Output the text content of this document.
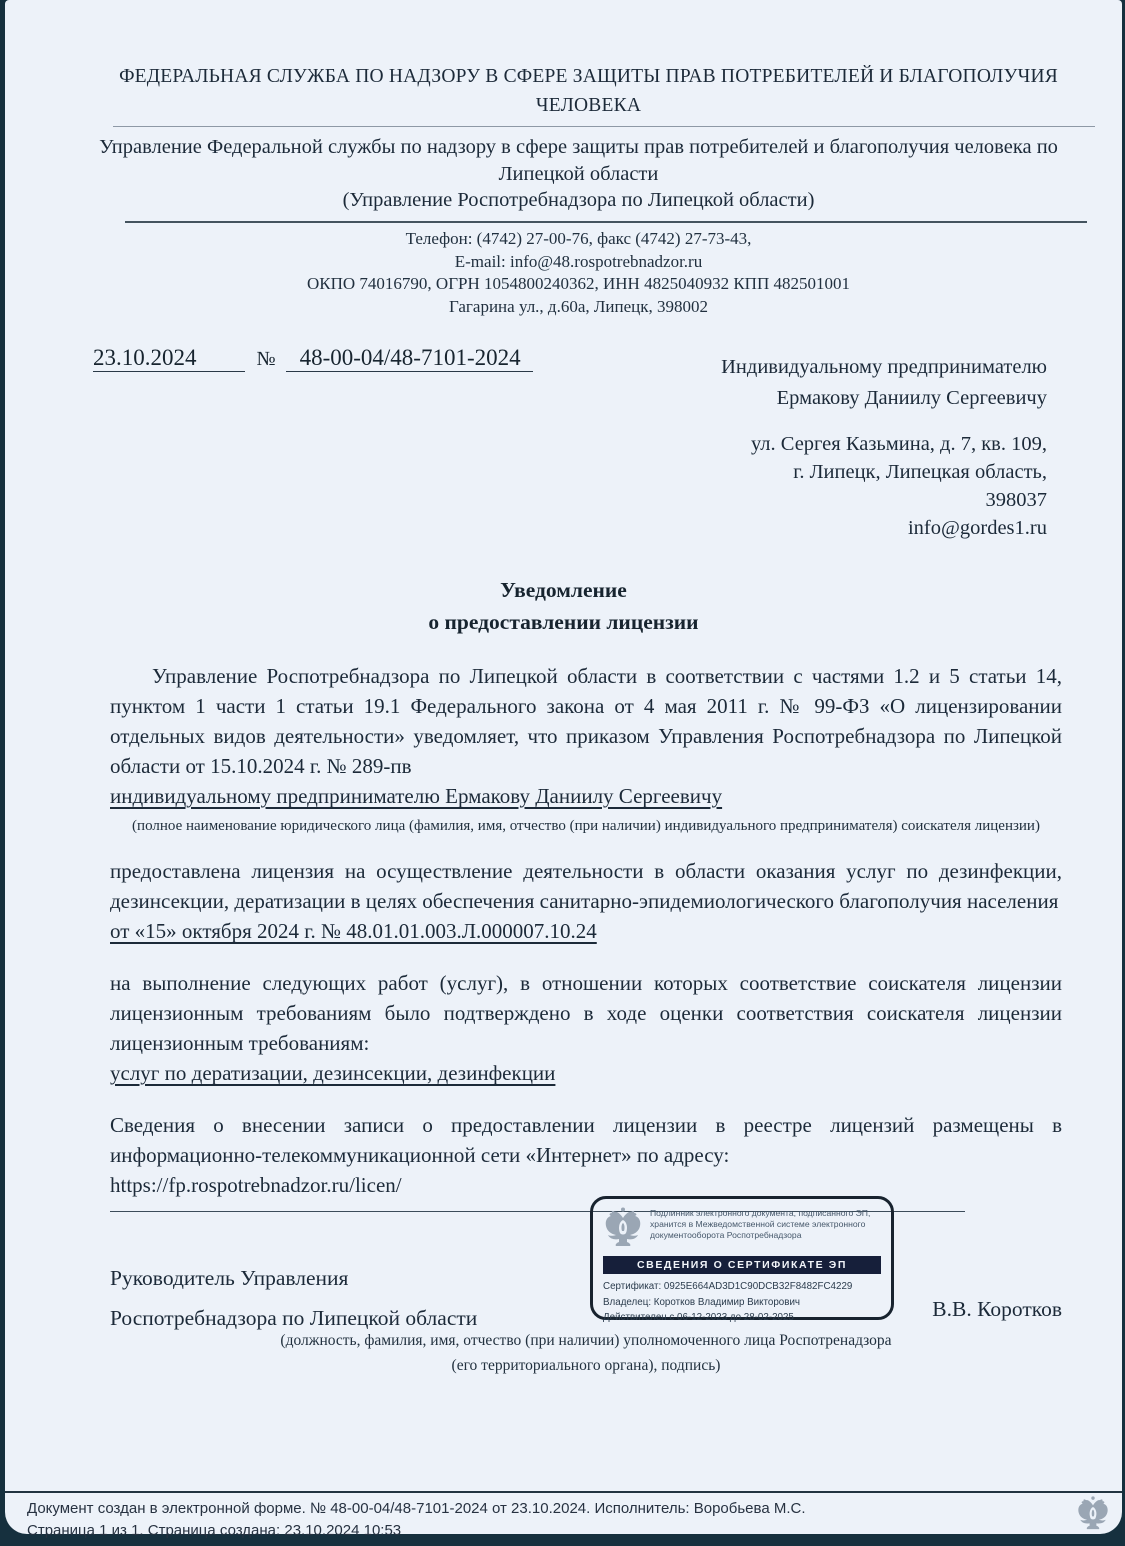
ФЕДЕРАЛЬНАЯ СЛУЖБА ПО НАДЗОРУ В СФЕРЕ ЗАЩИТЫ ПРАВ ПОТРЕБИТЕЛЕЙ И БЛАГОПОЛУЧИЯ ЧЕЛОВЕКА
Управление Федеральной службы по надзору в сфере защиты прав потребителей и благополучия человека по Липецкой области
(Управление Роспотребнадзора по Липецкой области)
Телефон: (4742) 27-00-76, факс (4742) 27-73-43,
E-mail: info@48.rospotrebnadzor.ru
ОКПО 74016790, ОГРН 1054800240362, ИНН 4825040932 КПП 482501001
Гагарина ул., д.60а, Липецк, 398002
23.10.2024	№ 48-00-04/48-7101-2024	Индивидуальному предпринимателю
Ермакову Даниилу Сергеевичу
ул. Сергея Казьмина, д. 7, кв. 109,
г. Липецк, Липецкая область,
398037
info@gordes1.ru
Уведомление
о предоставлении лицензии

Управление Роспотребнадзора по Липецкой области в соответствии с частями 1.2 и 5 статьи 14, пунктом 1 части 1 статьи 19.1 Федерального закона от 4 мая 2011 г. № 99-ФЗ «О лицензировании отдельных видов деятельности» уведомляет, что приказом Управления Роспотребнадзора по Липецкой области от 15.10.2024 г. № 289-пв

индивидуальному предпринимателю Ермакову Даниилу Сергеевичу
(полное наименование юридического лица (фамилия, имя, отчество (при наличии) индивидуального предпринимателя) соискателя лицензии)

предоставлена лицензия на осуществление деятельности в области оказания услуг по дезинфекции, дезинсекции, дератизации в целях обеспечения санитарно-эпидемиологического благополучия населения

от «15» октября 2024 г. № 48.01.01.003.Л.000007.10.24

на выполнение следующих работ (услуг), в отношении которых соответствие соискателя лицензии лицензионным требованиям было подтверждено в ходе оценки соответствия соискателя лицензии лицензионным требованиям:

услуг по дератизации, дезинсекции, дезинфекции

Сведения о внесении записи о предоставлении лицензии в реестре лицензий размещены в информационно-телекоммуникационной сети «Интернет» по адресу:

https://fp.rospotrebnadzor.ru/licen/
Подлинник электронного документа, подписанного ЭП, хранится в Межведомственной системе электронного документооборота Роспотребнадзора
СВЕДЕНИЯ О СЕРТИФИКАТЕ ЭП
Сертификат: 0925E664AD3D1C90DCB32F8482FC4229
Владелец: Коротков Владимир Викторович
Действителен с 06-12-2023 до 28-02-2025
Руководитель Управления
Роспотребнадзора по Липецкой области	В.В. Коротков
(должность, фамилия, имя, отчество (при наличии) уполномоченного лица Роспотренадзора
(его территориального органа), подпись)
Документ создан в электронной форме. № 48-00-04/48-7101-2024 от 23.10.2024. Исполнитель: Воробьева М.С.
Страница 1 из 1. Страница создана: 23.10.2024 10:53
